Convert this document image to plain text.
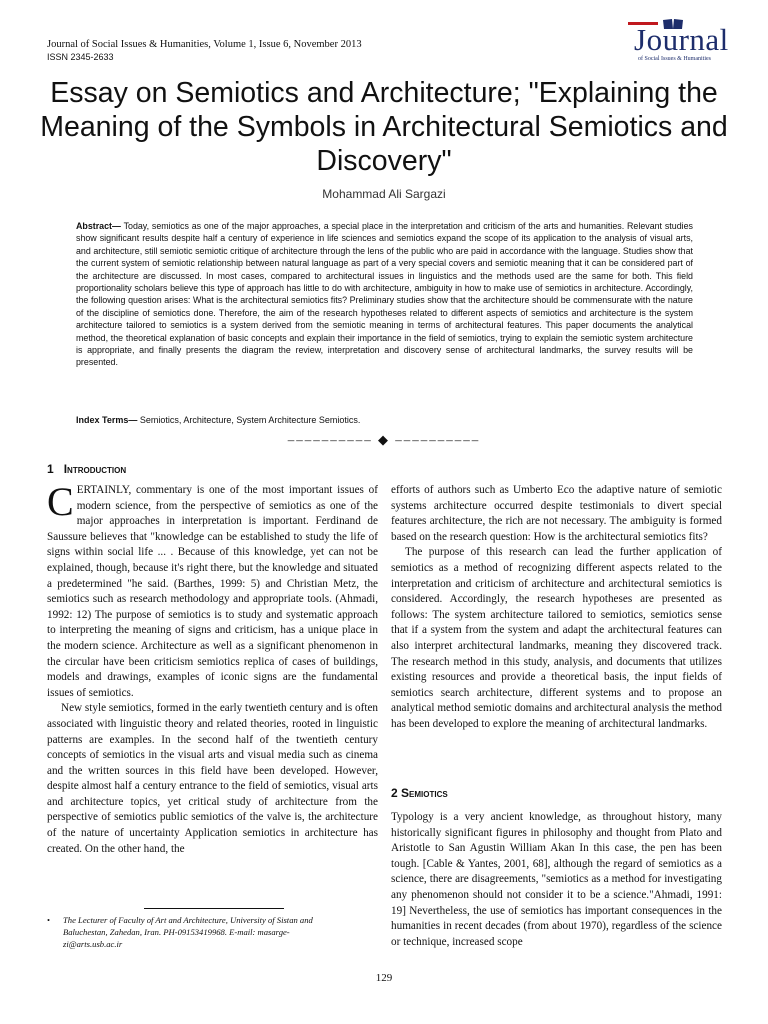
Journal of Social Issues & Humanities, Volume 1, Issue 6, November 2013
ISSN 2345-2633	Journal
of Social Issues & Humanities
Essay on Semiotics and Architecture; "Explaining the Meaning of the Symbols in Architectural Semiotics and Discovery"
Mohammad Ali Sargazi

Abstract— Today, semiotics as one of the major approaches, a special place in the interpretation and criticism of the arts and humanities. Relevant studies show significant results despite half a century of experience in life sciences and semiotics expand the scope of its application to the analysis of visual arts, and architecture, still semiotic semiotic critique of architecture through the lens of the public who are paid in accordance with the language. Studies show that the current system of semiotic relationship between natural language as part of a very special covers and semiotic meaning that it can be considered part of the architecture are discussed. In most cases, compared to architectural issues in linguistics and the methods used are the same for both. This field proportionality scholars believe this type of approach has little to do with architecture, ambiguity in how to make use of semiotics in architecture. Accordingly, the following question arises: What is the architectural semiotics fits? Preliminary studies show that the architecture should be commensurate with the nature of the discipline of semiotics done. Therefore, the aim of the research hypotheses related to different aspects of semiotics and architecture is the system architecture tailored to semiotics is a system derived from the semiotic meaning in terms of architectural features. This paper documents the analytical method, the theoretical explanation of basic concepts and explain their importance in the field of semiotics, trying to explain the semiotic system architecture is appropriate, and finally presents the diagram the review, interpretation and discovery sense of architectural landmarks, the survey results will be presented.

Index Terms— Semiotics, Architecture, System Architecture Semiotics.
–––––––––– ◆ ––––––––––
1 Introduction

CERTAINLY, commentary is one of the most important issues of modern science, from the perspective of semiotics as one of the major approaches in interpretation is important. Ferdinand de Saussure believes that "knowledge can be established to study the life of signs within social life ... . Because of this knowledge, yet can not be explained, though, because it's right there, but the knowledge and situated a predetermined "he said. (Barthes, 1999: 5) and Christian Metz, the semiotics such as research methodology and appropriate tools. (Ahmadi, 1992: 12) The purpose of semiotics is to study and systematic approach to interpreting the meaning of signs and criticism, has a unique place in the modern science. Architecture as well as a significant phenomenon in the circular have been criticism semiotics replica of cases of buildings, models and drawings, examples of iconic signs are the fundamental issues of semiotics.

New style semiotics, formed in the early twentieth century and is often associated with linguistic theory and related theories, rooted in linguistic patterns are examples. In the second half of the twentieth century concepts of semiotics in the visual arts and visual media such as cinema and the written sources in this field have been developed. However, despite almost half a century entrance to the field of semiotics, visual arts and architecture topics, yet critical study of architecture from the perspective of semiotics public semiotics of the valve is, the architecture of the nature of uncertainty Application semiotics in architecture has created. On the other hand, the

efforts of authors such as Umberto Eco the adaptive nature of semiotic systems architecture occurred despite testimonials to divert special features architecture, the rich are not necessary. The ambiguity is formed based on the research question: How is the architectural semiotics fits?

The purpose of this research can lead the further application of semiotics as a method of recognizing different aspects related to the interpretation and criticism of architecture and architectural semiotics is considered. Accordingly, the research hypotheses are presented as follows: The system architecture tailored to semiotics, semiotics sense that if a system from the system and adapt the architectural features can also interpret architectural landmarks, meaning they discovered track. The research method in this study, analysis, and documents that utilizes existing resources and provide a theoretical basis, the input fields of semiotics search architecture, different systems and to propose an analytical method semiotic domains and architectural analysis the method has been developed to explore the meaning of architectural landmarks.

2 Semiotics

Typology is a very ancient knowledge, as throughout history, many historically significant figures in philosophy and thought from Plato and Aristotle to San Agustin William Akan In this case, the pen has been tough. [Cable & Yantes, 2001, 68], although the regard of semiotics as a science, there are disagreements, "semiotics as a method for investigating any phenomenon should not consider it to be a science."Ahmadi, 1991: 19] Nevertheless, the use of semiotics has important consequences in the humanities in recent decades (from about 1970), regardless of the science or technique, increased scope

•	The Lecturer of Faculty of Art and Architecture, University of Sistan and Baluchestan, Zahedan, Iran. PH-09153419968. E-mail: masarge-zi@arts.usb.ac.ir
129
